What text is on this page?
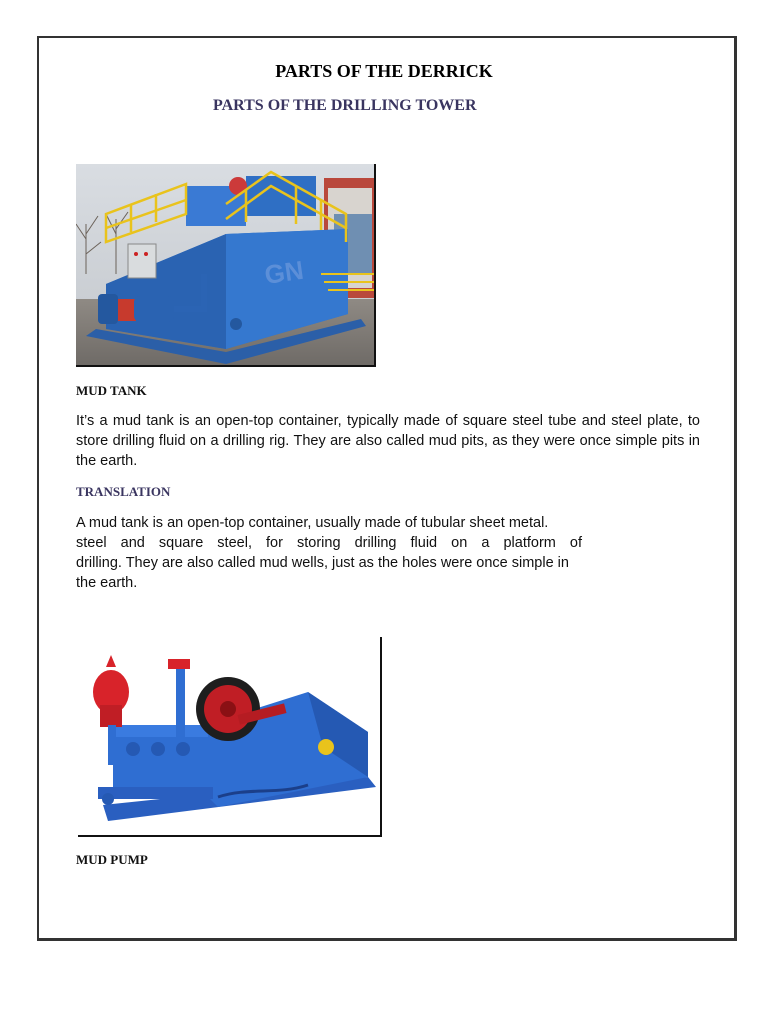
PARTS OF THE DERRICK
PARTS OF THE DRILLING TOWER
GN
MUD TANK
It’s a mud tank is an open-top container, typically made of square steel tube and steel plate, to store drilling fluid on a drilling rig. They are also called mud pits, as they were once simple pits in the earth.
TRANSLATION
A mud tank is an open-top container, usually made of tubular sheet metal.
steel and square steel, for storing drilling fluid on a platform of
drilling. They are also called mud wells, just as the holes were once simple in
the earth.
MUD PUMP
